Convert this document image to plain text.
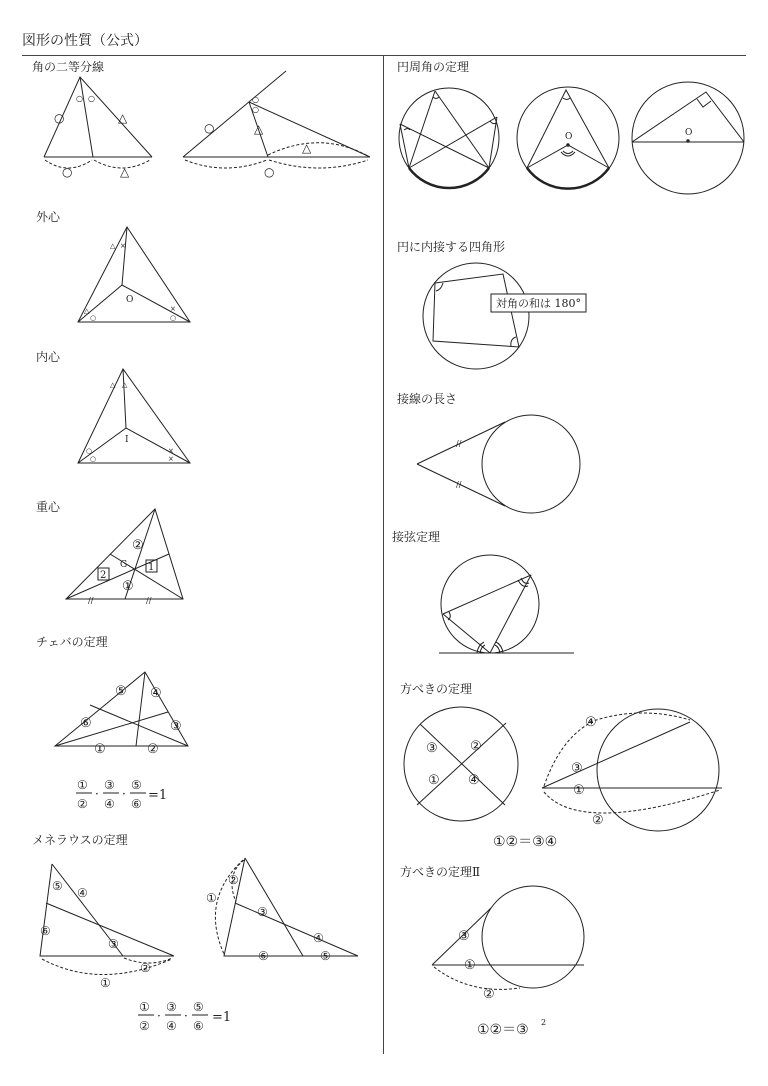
図形の性質（公式）
角の二等分線
外心
内心
重心
チェバの定理
メネラウスの定理
円周角の定理
円に内接する四角形
接線の長さ
接弦定理
方べきの定理
方べきの定理Ⅱ
○ ○
○	△
○	△
○
○
○	△
△
○
O
△ ×
△
○
×
○
I
△ △
○
○
×
×
G
②
①
2
1
//	//
⑤ ④
⑥	③
①	②
①
②
·
③
④
·
⑤
⑥
=1
⑤ ④
⑥
③
②
①
②
①
③
④
⑥	⑤
①
②
·
③
④
·
⑤
⑥
=1
O	O
対角の和は 180°
//
//
③ ②
① ④
④
③
①
②
①②＝③④
③
①
②
①②＝③ 2
